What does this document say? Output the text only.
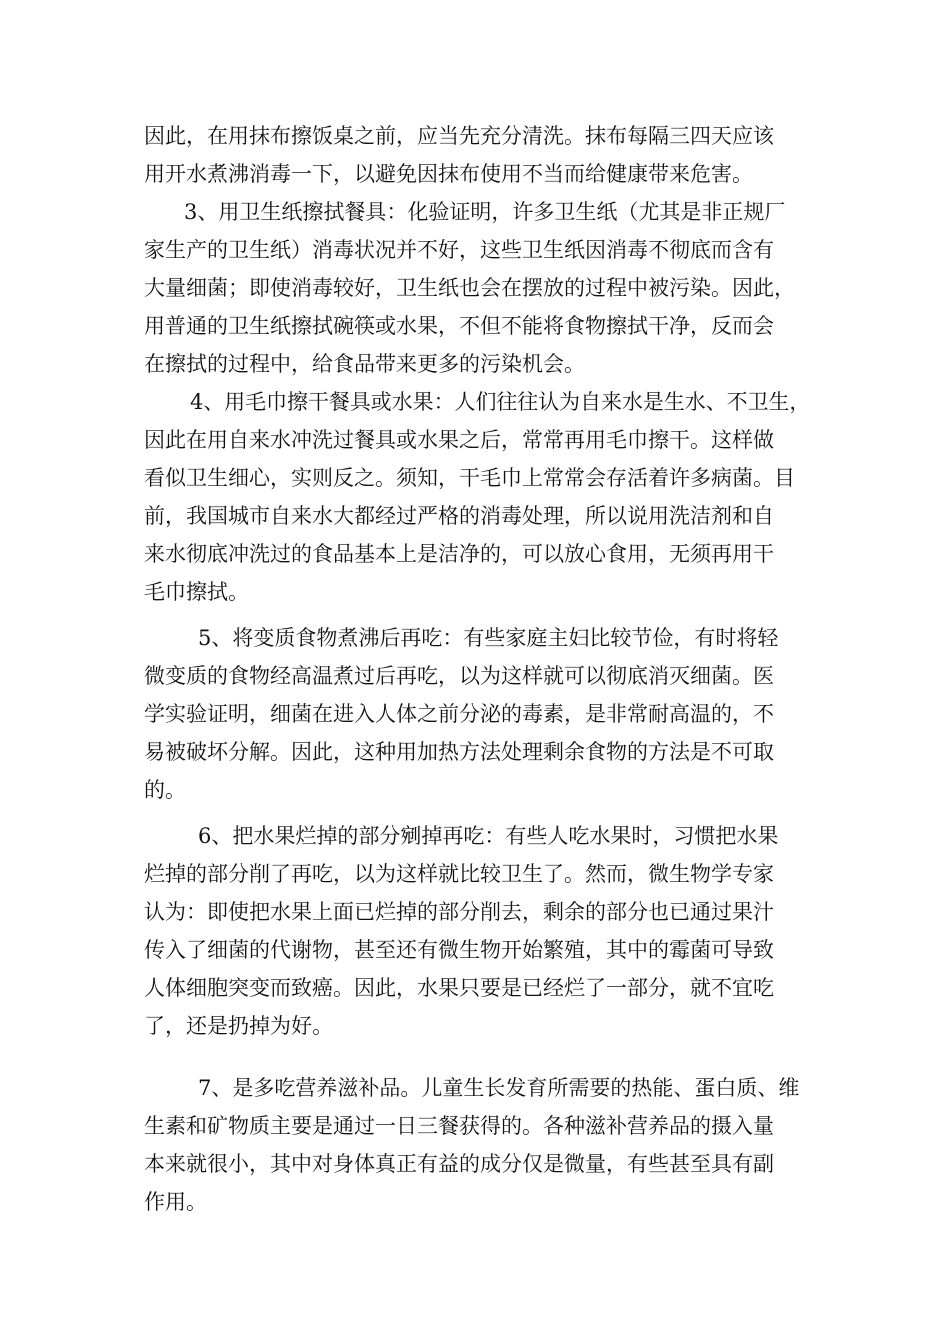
因此，在用抹布擦饭桌之前，应当先充分清洗。抹布每隔三四天应该
用开水煮沸消毒一下，以避免因抹布使用不当而给健康带来危害。
3、用卫生纸擦拭餐具：化验证明，许多卫生纸（尤其是非正规厂
家生产的卫生纸）消毒状况并不好，这些卫生纸因消毒不彻底而含有
大量细菌；即使消毒较好，卫生纸也会在摆放的过程中被污染。因此，
用普通的卫生纸擦拭碗筷或水果，不但不能将食物擦拭干净，反而会
在擦拭的过程中，给食品带来更多的污染机会。
4、用毛巾擦干餐具或水果：人们往往认为自来水是生水、不卫生，
因此在用自来水冲洗过餐具或水果之后，常常再用毛巾擦干。这样做
看似卫生细心，实则反之。须知，干毛巾上常常会存活着许多病菌。目
前，我国城市自来水大都经过严格的消毒处理，所以说用洗洁剂和自
来水彻底冲洗过的食品基本上是洁净的，可以放心食用，无须再用干
毛巾擦拭。
5、将变质食物煮沸后再吃：有些家庭主妇比较节俭，有时将轻
微变质的食物经高温煮过后再吃，以为这样就可以彻底消灭细菌。医
学实验证明，细菌在进入人体之前分泌的毒素，是非常耐高温的，不
易被破坏分解。因此，这种用加热方法处理剩余食物的方法是不可取
的。
6、把水果烂掉的部分剜掉再吃：有些人吃水果时，习惯把水果
烂掉的部分削了再吃，以为这样就比较卫生了。然而，微生物学专家
认为：即使把水果上面已烂掉的部分削去，剩余的部分也已通过果汁
传入了细菌的代谢物，甚至还有微生物开始繁殖，其中的霉菌可导致
人体细胞突变而致癌。因此，水果只要是已经烂了一部分，就不宜吃
了，还是扔掉为好。
7、是多吃营养滋补品。儿童生长发育所需要的热能、蛋白质、维
生素和矿物质主要是通过一日三餐获得的。各种滋补营养品的摄入量
本来就很小，其中对身体真正有益的成分仅是微量，有些甚至具有副
作用。
